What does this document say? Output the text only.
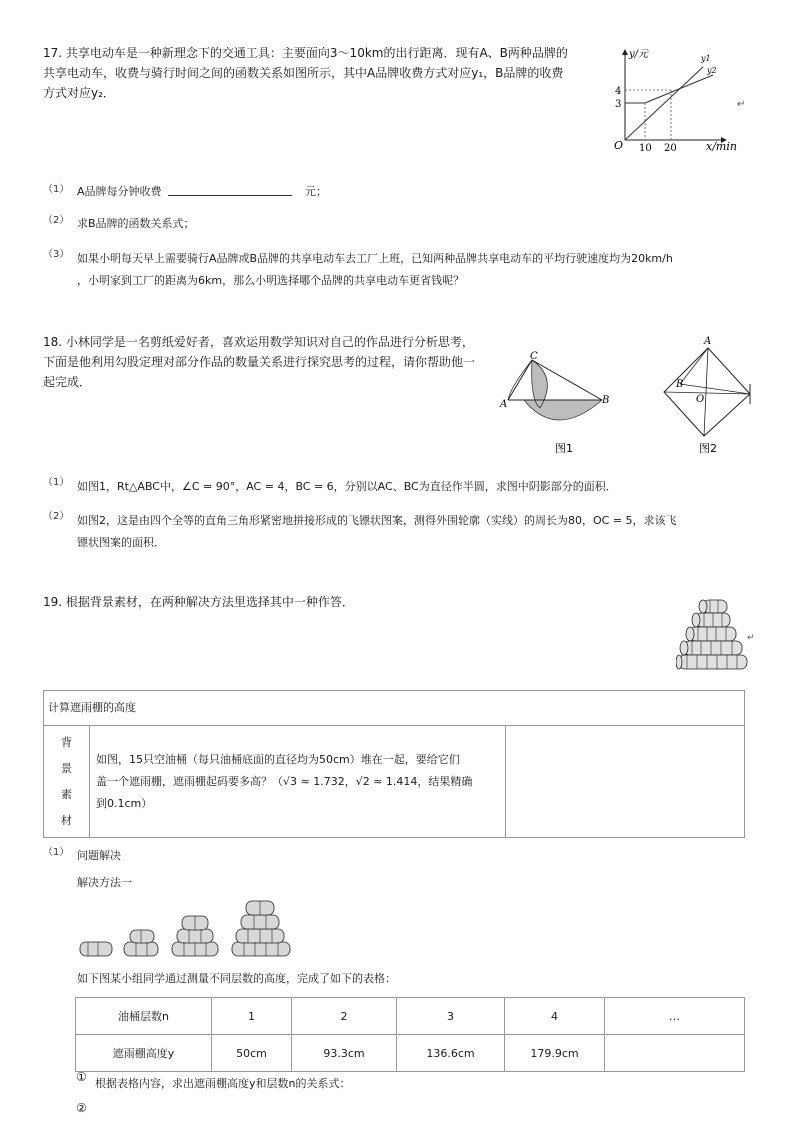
17. 共享电动车是一种新理念下的交通工具：主要面向3～10km的出行距离．现有A、B两种品牌的
共享电动车，收费与骑行时间之间的函数关系如图所示，其中A品牌收费方式对应y₁，B品牌的收费
方式对应y₂．
y/元
x/min
O
4
3
10 20
y1
y2
↵
（1） A品牌每分钟收费	元；
（2） 求B品牌的函数关系式；
（3） 如果小明每天早上需要骑行A品牌或B品牌的共享电动车去工厂上班，已知两种品牌共享电动车的平均行驶速度均为20km/h
，小明家到工厂的距离为6km，那么小明选择哪个品牌的共享电动车更省钱呢？
18. 小林同学是一名剪纸爱好者，喜欢运用数学知识对自己的作品进行分析思考，
下面是他利用勾股定理对部分作品的数量关系进行探究思考的过程，请你帮助他一
起完成．
C
A	B
图1
A
B
O
图2
（1） 如图1，Rt△ABC中，∠C = 90°，AC = 4，BC = 6，分别以AC、BC为直径作半圆，求图中阴影部分的面积．
（2） 如图2，这是由四个全等的直角三角形紧密地拼接形成的飞镖状图案，测得外围轮廓（实线）的周长为80，OC = 5，求该飞
镖状图案的面积．
19. 根据背景素材，在两种解决方法里选择其中一种作答．
↵
计算遮雨棚的高度

背
景
素
材

如图，15只空油桶（每只油桶底面的直径均为50cm）堆在一起，要给它们
盖一个遮雨棚，遮雨棚起码要多高？（√3 ≈ 1.732，√2 ≈ 1.414，结果精确
到0.1cm）

（1） 问题解决
解决方法一
如下图某小组同学通过测量不同层数的高度，完成了如下的表格：
油桶层数n	1	2	3	4	…
遮雨棚高度y	50cm	93.3cm	136.6cm	179.9cm	
① 根据表格内容，求出遮雨棚高度y和层数n的关系式：
②
